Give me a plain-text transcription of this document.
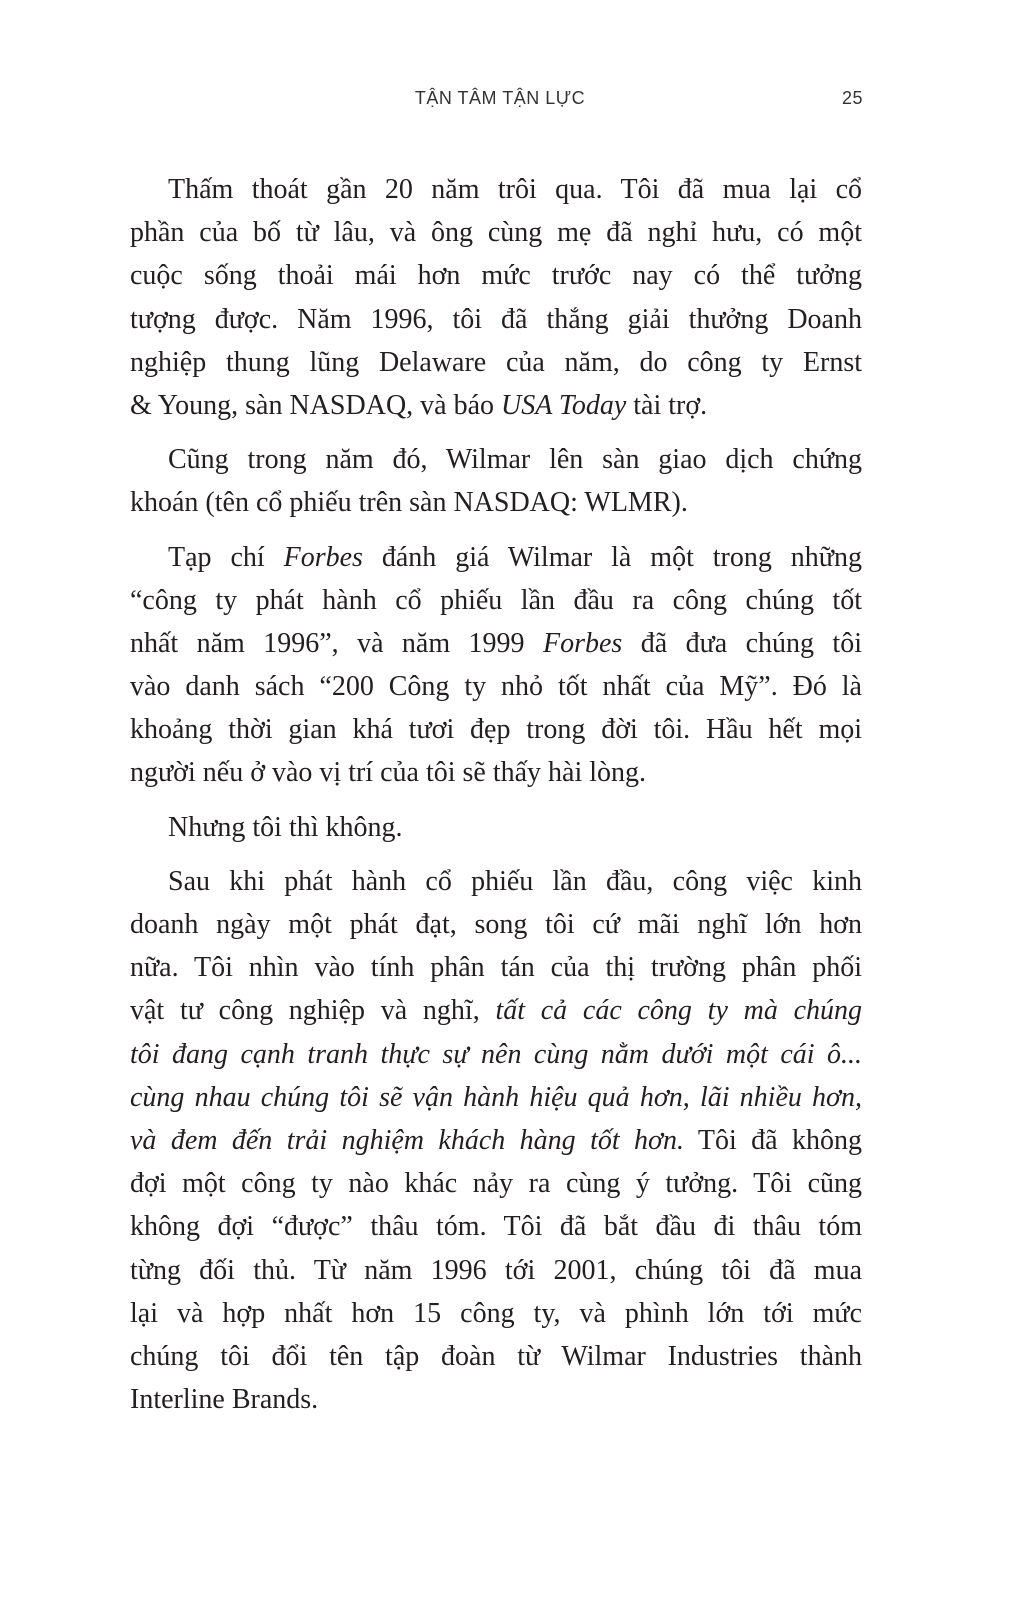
TẬN TÂM TẬN LỰC	25
Thấm thoát gần 20 năm trôi qua. Tôi đã mua lại cổ
phần của bố từ lâu, và ông cùng mẹ đã nghỉ hưu, có một
cuộc sống thoải mái hơn mức trước nay có thể tưởng
tượng được. Năm 1996, tôi đã thắng giải thưởng Doanh
nghiệp thung lũng Delaware của năm, do công ty Ernst
& Young, sàn NASDAQ, và báo USA Today tài trợ.
Cũng trong năm đó, Wilmar lên sàn giao dịch chứng
khoán (tên cổ phiếu trên sàn NASDAQ: WLMR).
Tạp chí Forbes đánh giá Wilmar là một trong những
“công ty phát hành cổ phiếu lần đầu ra công chúng tốt
nhất năm 1996”, và năm 1999 Forbes đã đưa chúng tôi
vào danh sách “200 Công ty nhỏ tốt nhất của Mỹ”. Đó là
khoảng thời gian khá tươi đẹp trong đời tôi. Hầu hết mọi
người nếu ở vào vị trí của tôi sẽ thấy hài lòng.
Nhưng tôi thì không.
Sau khi phát hành cổ phiếu lần đầu, công việc kinh
doanh ngày một phát đạt, song tôi cứ mãi nghĩ lớn hơn
nữa. Tôi nhìn vào tính phân tán của thị trường phân phối
vật tư công nghiệp và nghĩ, tất cả các công ty mà chúng
tôi đang cạnh tranh thực sự nên cùng nằm dưới một cái ô...
cùng nhau chúng tôi sẽ vận hành hiệu quả hơn, lãi nhiều hơn,
và đem đến trải nghiệm khách hàng tốt hơn. Tôi đã không
đợi một công ty nào khác nảy ra cùng ý tưởng. Tôi cũng
không đợi “được” thâu tóm. Tôi đã bắt đầu đi thâu tóm
từng đối thủ. Từ năm 1996 tới 2001, chúng tôi đã mua
lại và hợp nhất hơn 15 công ty, và phình lớn tới mức
chúng tôi đổi tên tập đoàn từ Wilmar Industries thành
Interline Brands.
